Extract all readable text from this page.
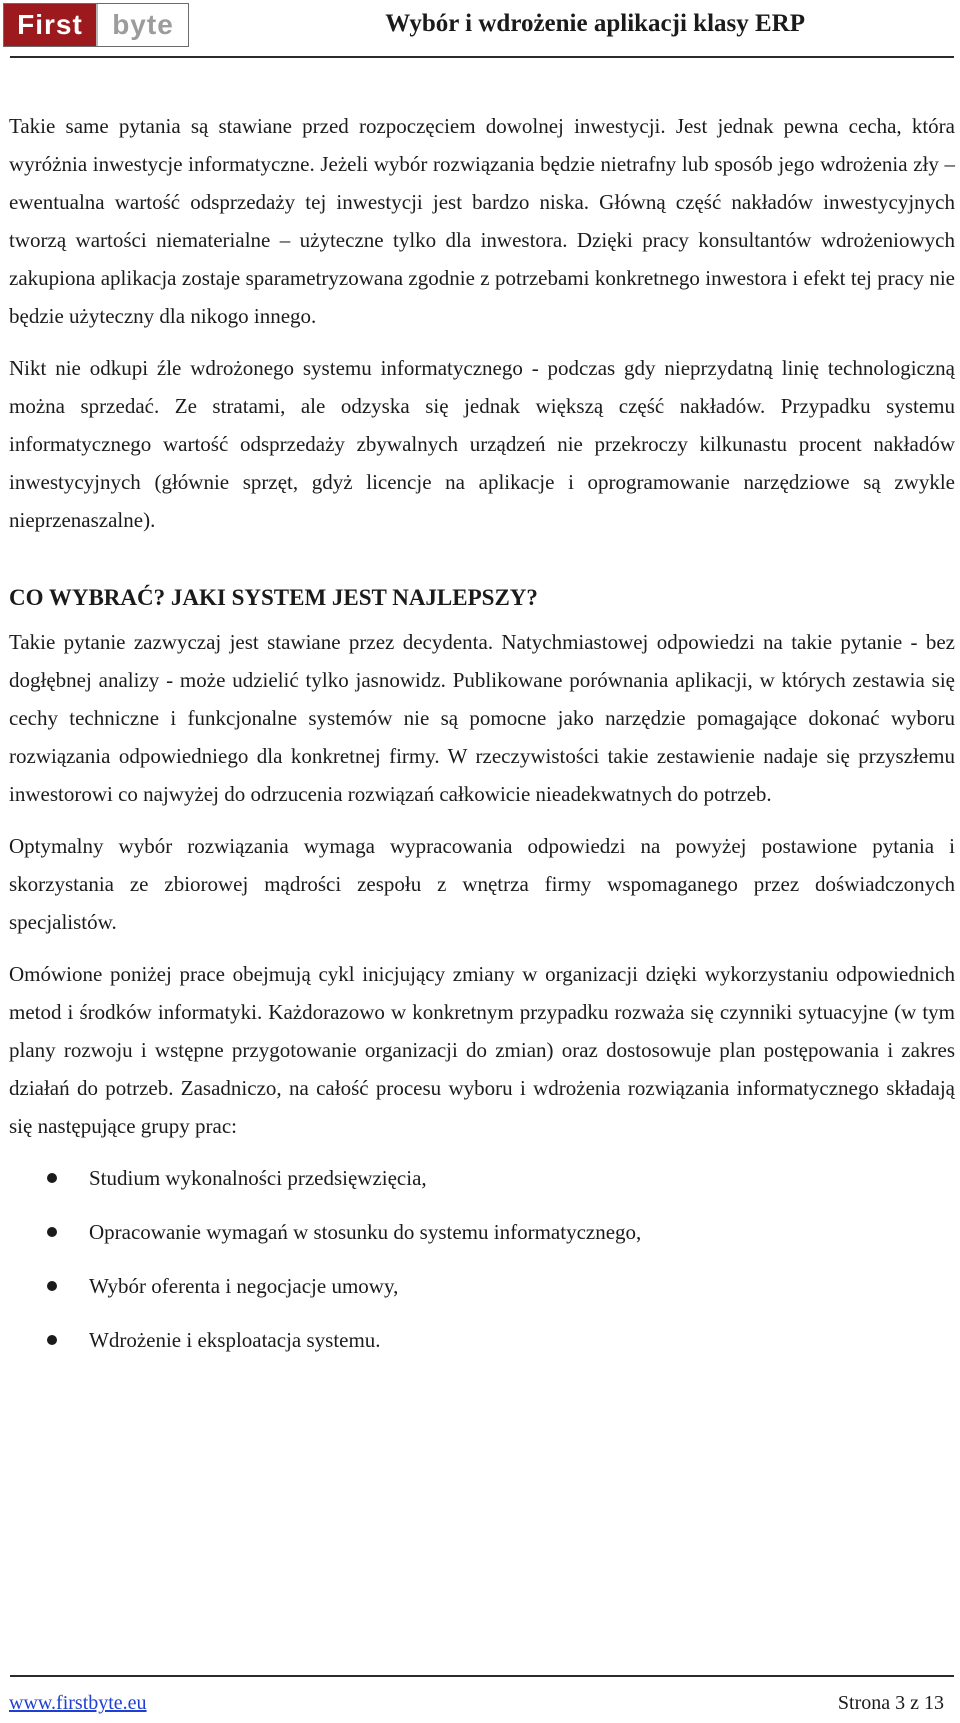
First	byte	Wybór i wdrożenie aplikacji klasy ERP

Takie same pytania są stawiane przed rozpoczęciem dowolnej inwestycji. Jest jednak pewna cecha, która wyróżnia inwestycje informatyczne. Jeżeli wybór rozwiązania będzie nietrafny lub sposób jego wdrożenia zły – ewentualna wartość odsprzedaży tej inwestycji jest bardzo niska. Główną część nakładów inwestycyjnych tworzą wartości niematerialne – użyteczne tylko dla inwestora. Dzięki pracy konsultantów wdrożeniowych zakupiona aplikacja zostaje sparametryzowana zgodnie z potrzebami konkretnego inwestora i efekt tej pracy nie będzie użyteczny dla nikogo innego.

Nikt nie odkupi źle wdrożonego systemu informatycznego - podczas gdy nieprzydatną linię technologiczną można sprzedać. Ze stratami, ale odzyska się jednak większą część nakładów. Przypadku systemu informatycznego wartość odsprzedaży zbywalnych urządzeń nie przekroczy kilkunastu procent nakładów inwestycyjnych (głównie sprzęt, gdyż licencje na aplikacje i oprogramowanie narzędziowe są zwykle nieprzenaszalne).

CO WYBRAĆ? JAKI SYSTEM JEST NAJLEPSZY?

Takie pytanie zazwyczaj jest stawiane przez decydenta. Natychmiastowej odpowiedzi na takie pytanie - bez dogłębnej analizy - może udzielić tylko jasnowidz. Publikowane porównania aplikacji, w których zestawia się cechy techniczne i funkcjonalne systemów nie są pomocne jako narzędzie pomagające dokonać wyboru rozwiązania odpowiedniego dla konkretnej firmy. W rzeczywistości takie zestawienie nadaje się przyszłemu inwestorowi co najwyżej do odrzucenia rozwiązań całkowicie nieadekwatnych do potrzeb.

Optymalny wybór rozwiązania wymaga wypracowania odpowiedzi na powyżej postawione pytania i skorzystania ze zbiorowej mądrości zespołu z wnętrza firmy wspomaganego przez doświadczonych specjalistów.

Omówione poniżej prace obejmują cykl inicjujący zmiany w organizacji dzięki wykorzystaniu odpowiednich metod i środków informatyki. Każdorazowo w konkretnym przypadku rozważa się czynniki sytuacyjne (w tym plany rozwoju i wstępne przygotowanie organizacji do zmian) oraz dostosowuje plan postępowania i zakres działań do potrzeb. Zasadniczo, na całość procesu wyboru i wdrożenia rozwiązania informatycznego składają się następujące grupy prac:

Studium wykonalności przedsięwzięcia,
Opracowanie wymagań w stosunku do systemu informatycznego,
Wybór oferenta i negocjacje umowy,
Wdrożenie i eksploatacja systemu.
www.firstbyte.eu	Strona 3 z 13
